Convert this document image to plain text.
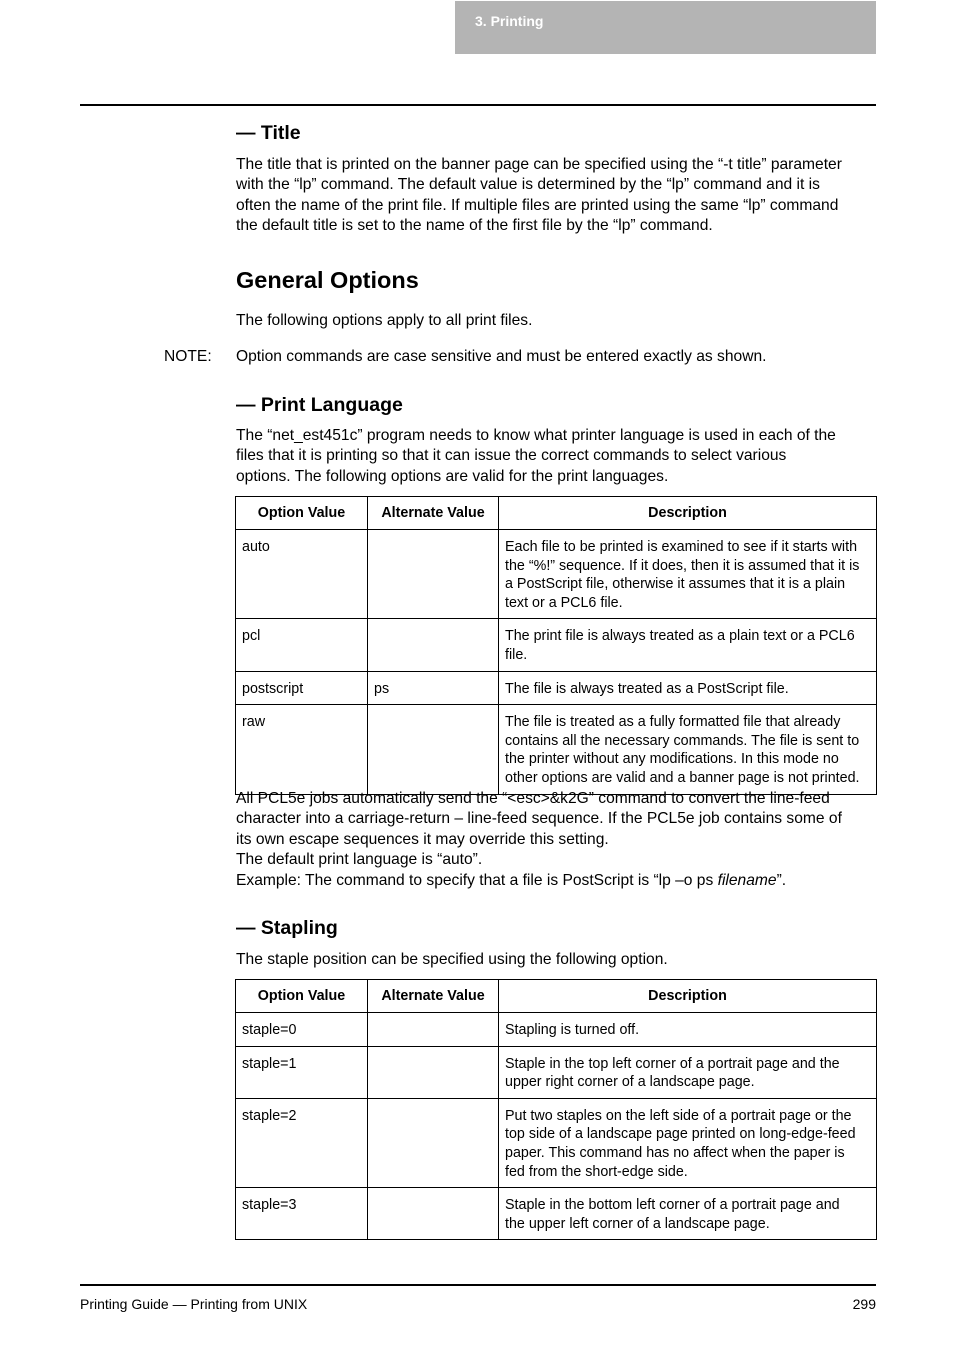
3. Printing
— Title
The title that is printed on the banner page can be specified using the “-t title” parameter
with the “lp” command. The default value is determined by the “lp” command and it is
often the name of the print file. If multiple files are printed using the same “lp” command
the default title is set to the name of the first file by the “lp” command.
General Options
The following options apply to all print files.
NOTE:	Option commands are case sensitive and must be entered exactly as shown.
— Print Language
The “net_est451c” program needs to know what printer language is used in each of the
files that it is printing so that it can issue the correct commands to select various
options. The following options are valid for the print languages.
Option Value	Alternate Value	Description
auto		Each file to be printed is examined to see if it starts with
the “%!” sequence. If it does, then it is assumed that it is
a PostScript file, otherwise it assumes that it is a plain
text or a PCL6 file.

pcl		The print file is always treated as a plain text or a PCL6
file.

postscript	ps	The file is always treated as a PostScript file.

raw		The file is treated as a fully formatted file that already
contains all the necessary commands. The file is sent to
the printer without any modifications. In this mode no
other options are valid and a banner page is not printed.
All PCL5e jobs automatically send the “<esc>&k2G” command to convert the line-feed
character into a carriage-return – line-feed sequence. If the PCL5e job contains some of
its own escape sequences it may override this setting.
The default print language is “auto”.
Example: The command to specify that a file is PostScript is “lp –o ps filename”.
— Stapling
The staple position can be specified using the following option.
Option Value	Alternate Value	Description
staple=0		Stapling is turned off.

staple=1		Staple in the top left corner of a portrait page and the
upper right corner of a landscape page.

staple=2		Put two staples on the left side of a portrait page or the
top side of a landscape page printed on long-edge-feed
paper. This command has no affect when the paper is
fed from the short-edge side.

staple=3		Staple in the bottom left corner of a portrait page and
the upper left corner of a landscape page.
Printing Guide — Printing from UNIX	299
